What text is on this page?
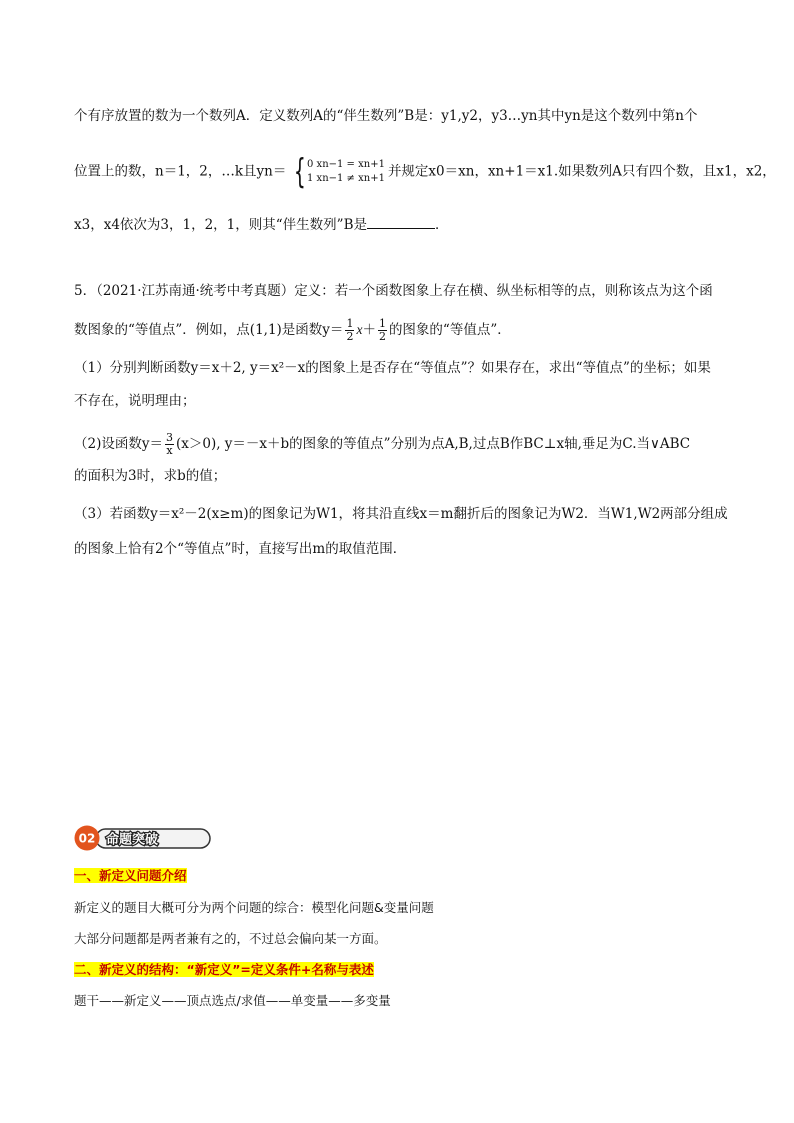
个有序放置的数为一个数列A．定义数列A的“伴生数列”B是：y1,y2，y3…yn其中yn是这个数列中第n个
位置上的数，n＝1，2，…k且yn＝ { 0 xn−1 = xn+1
1 xn−1 ≠ xn+1 并规定x0＝xn，xn+1＝x1.如果数列A只有四个数，且x1，x2，
x3，x4依次为3，1，2，1，则其“伴生数列”B是	．
5．（2021·江苏南通·统考中考真题）定义：若一个函数图象上存在横、纵坐标相等的点，则称该点为这个函
数图象的“等值点”．例如，点(1,1)是函数$y= \frac{1}{2} x+ \frac{1}{2}$ 的图象的“等值点”．
（1）分别判断函数y＝x＋2, y＝x²－x的图象上是否存在“等值点”？如果存在，求出“等值点”的坐标；如果
不存在，说明理由；
（2)设函数$y= \frac{3}{x} (x>0)$, y＝－x＋b的图象的等值点”分别为点A,B,过点B作BC⊥x轴,垂足为C.当∨ABC
的面积为3时，求b的值；
（3）若函数y＝x²－2(x≥m)的图象记为W1，将其沿直线x＝m翻折后的图象记为W2．当W1,W2两部分组成
的图象上恰有2个“等值点”时，直接写出m的取值范围．
02 命题突破
一、新定义问题介绍
新定义的题目大概可分为两个问题的综合：模型化问题&变量问题
大部分问题都是两者兼有之的，不过总会偏向某一方面。
二、新定义的结构：“新定义”=定义条件+名称与表述
题干——新定义——顶点选点/求值——单变量——多变量
